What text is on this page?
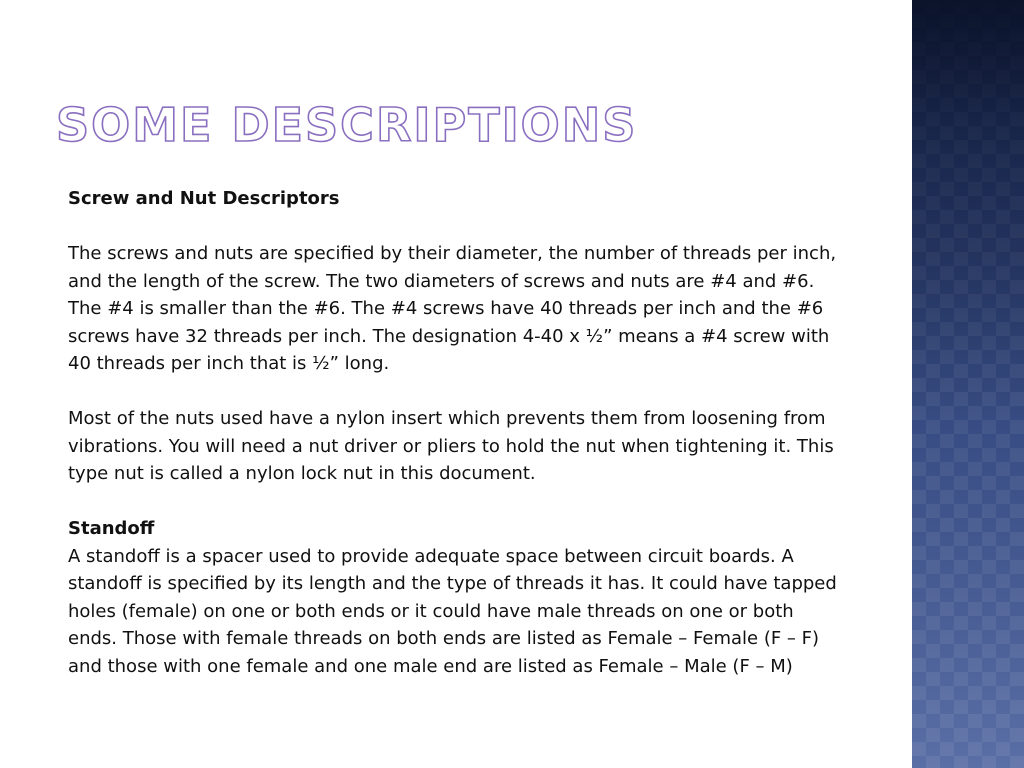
SOME DESCRIPTIONS

Screw and Nut Descriptors

The screws and nuts are specified by their diameter, the number of threads per inch, and the length of the screw. The two diameters of screws and nuts are #4 and #6. The #4 is smaller than the #6. The #4 screws have 40 threads per inch and the #6 screws have 32 threads per inch. The designation 4-40 x ½” means a #4 screw with 40 threads per inch that is ½” long.

Most of the nuts used have a nylon insert which prevents them from loosening from vibrations. You will need a nut driver or pliers to hold the nut when tightening it. This type nut is called a nylon lock nut in this document.

Standoff

A standoff is a spacer used to provide adequate space between circuit boards. A standoff is specified by its length and the type of threads it has. It could have tapped holes (female) on one or both ends or it could have male threads on one or both ends. Those with female threads on both ends are listed as Female – Female (F – F) and those with one female and one male end are listed as Female – Male (F – M)
